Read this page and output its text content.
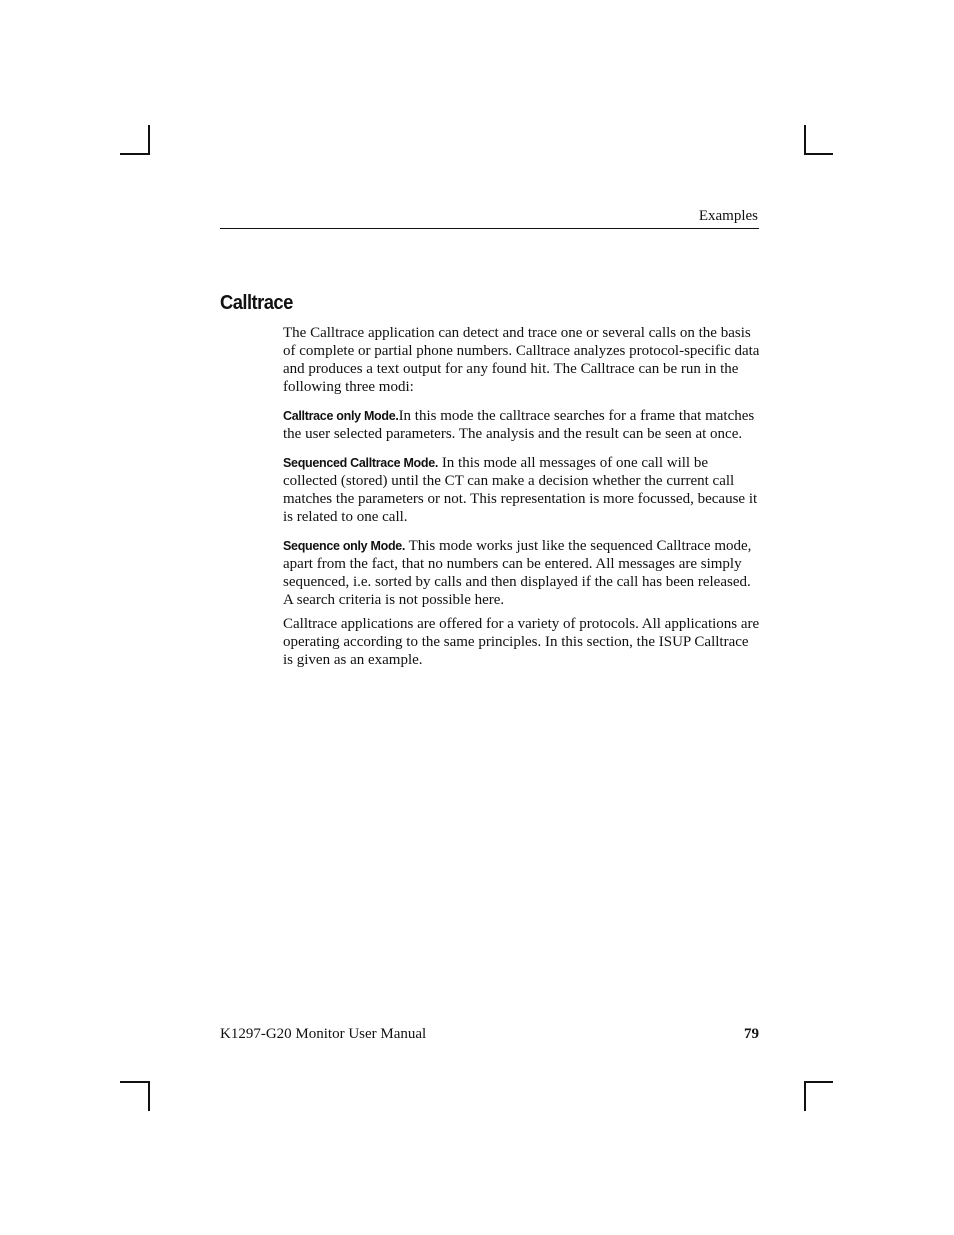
Examples
Calltrace

The Calltrace application can detect and trace one or several calls on the basis of complete or partial phone numbers. Calltrace analyzes protocol-specific data and produces a text output for any found hit. The Calltrace can be run in the following three modi:

Calltrace only Mode.In this mode the calltrace searches for a frame that matches the user selected parameters. The analysis and the result can be seen at once.

Sequenced Calltrace Mode. In this mode all messages of one call will be collected (stored) until the CT can make a decision whether the current call matches the parameters or not. This representation is more focussed, because it is related to one call.

Sequence only Mode. This mode works just like the sequenced Calltrace mode, apart from the fact, that no numbers can be entered. All messages are simply sequenced, i.e. sorted by calls and then displayed if the call has been released. A search criteria is not possible here.

Calltrace applications are offered for a variety of protocols. All applications are operating according to the same principles. In this section, the ISUP Calltrace is given as an example.

K1297-G20 Monitor User Manual	79
